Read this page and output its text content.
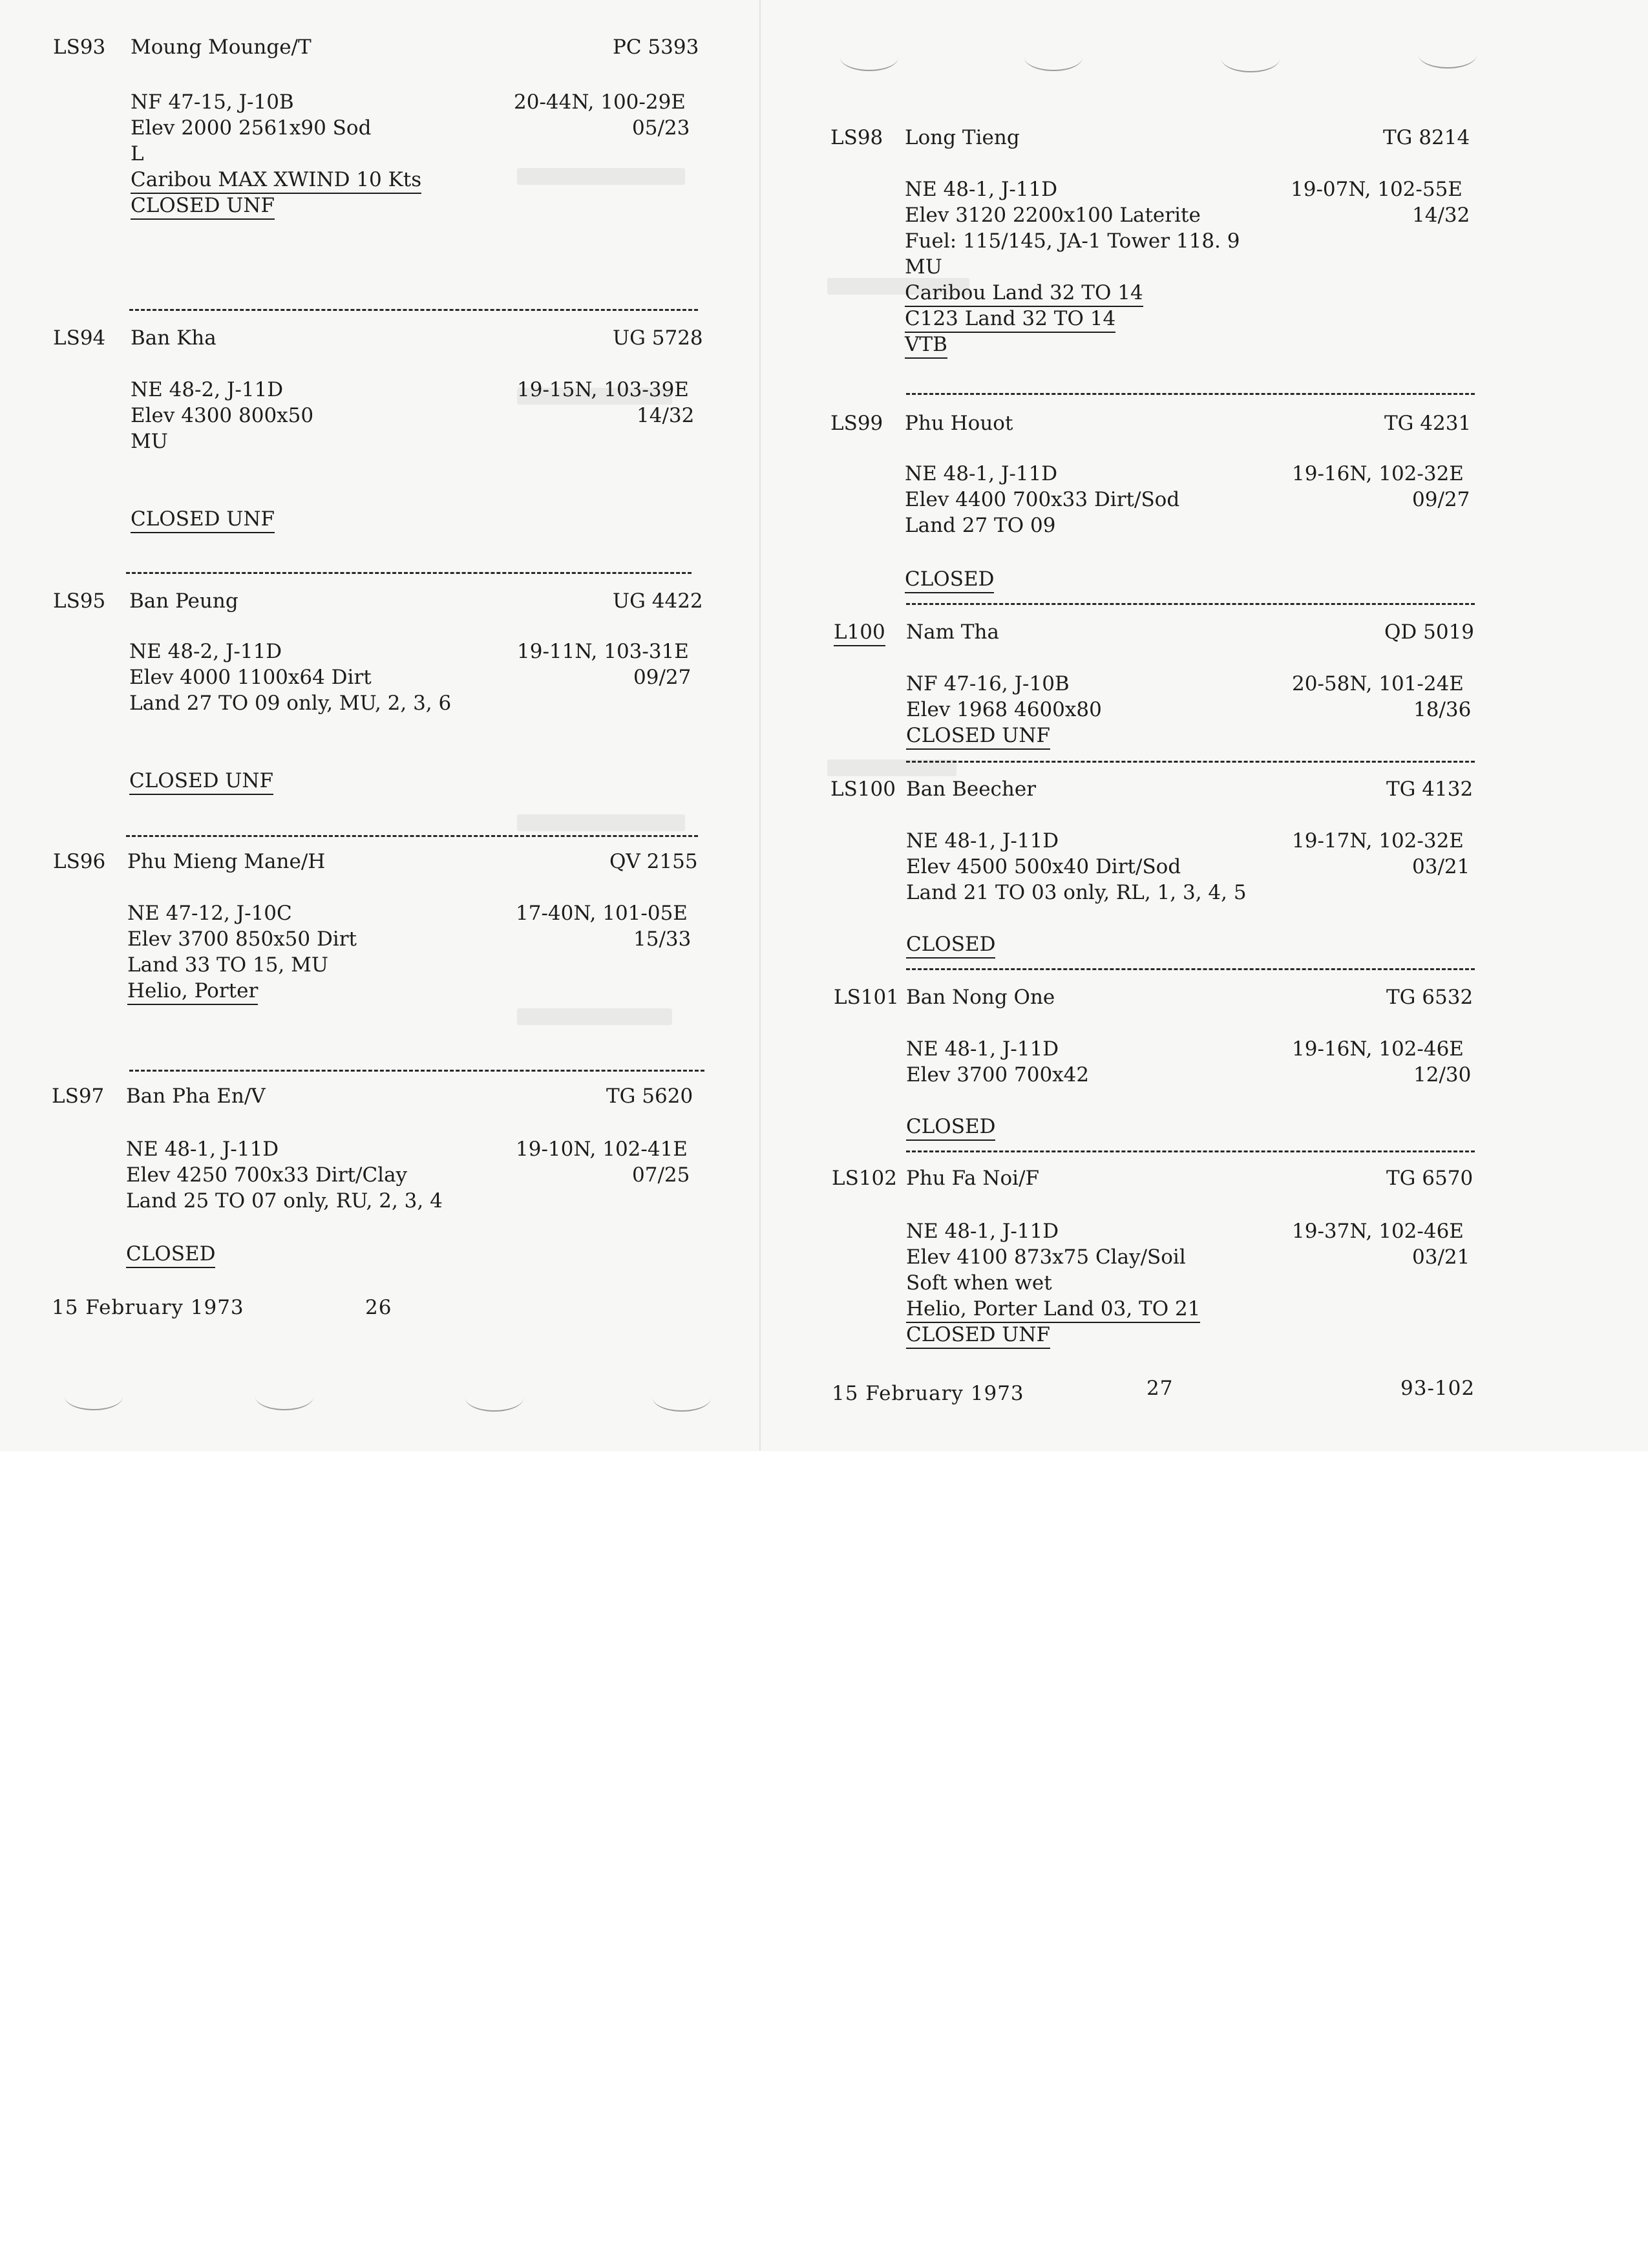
LS93 Moung Mounge/T	PC 5393
NF 47-15, J-10B	20-44N, 100-29E
Elev 2000 2561x90 Sod	05/23
L
Caribou MAX XWIND 10 Kts
CLOSED UNF
LS94 Ban Kha	UG 5728
NE 48-2, J-11D	19-15N, 103-39E
Elev 4300 800x50	14/32
MU
CLOSED UNF
LS95 Ban Peung	UG 4422
NE 48-2, J-11D	19-11N, 103-31E
Elev 4000 1100x64 Dirt	09/27
Land 27 TO 09 only, MU, 2, 3, 6
CLOSED UNF
LS96 Phu Mieng Mane/H	QV 2155
NE 47-12, J-10C	17-40N, 101-05E
Elev 3700 850x50 Dirt	15/33
Land 33 TO 15, MU
Helio, Porter
LS97 Ban Pha En/V	TG 5620
NE 48-1, J-11D	19-10N, 102-41E
Elev 4250 700x33 Dirt/Clay	07/25
Land 25 TO 07 only, RU, 2, 3, 4
CLOSED
15 February 1973	26
LS98 Long Tieng	TG 8214
NE 48-1, J-11D	19-07N, 102-55E
Elev 3120 2200x100 Laterite	14/32
Fuel: 115/145, JA-1 Tower 118. 9
MU
Caribou Land 32 TO 14
C123 Land 32 TO 14
VTB
LS99 Phu Houot	TG 4231
NE 48-1, J-11D	19-16N, 102-32E
Elev 4400 700x33 Dirt/Sod	09/27
Land 27 TO 09
CLOSED
L100 Nam Tha	QD 5019
NF 47-16, J-10B	20-58N, 101-24E
Elev 1968 4600x80	18/36
CLOSED UNF
LS100 Ban Beecher	TG 4132
NE 48-1, J-11D	19-17N, 102-32E
Elev 4500 500x40 Dirt/Sod	03/21
Land 21 TO 03 only, RL, 1, 3, 4, 5
CLOSED
LS101 Ban Nong One	TG 6532
NE 48-1, J-11D	19-16N, 102-46E
Elev 3700 700x42	12/30
CLOSED
LS102 Phu Fa Noi/F	TG 6570
NE 48-1, J-11D	19-37N, 102-46E
Elev 4100 873x75 Clay/Soil	03/21
Soft when wet
Helio, Porter Land 03, TO 21
CLOSED UNF
15 February 1973	27	93-102
